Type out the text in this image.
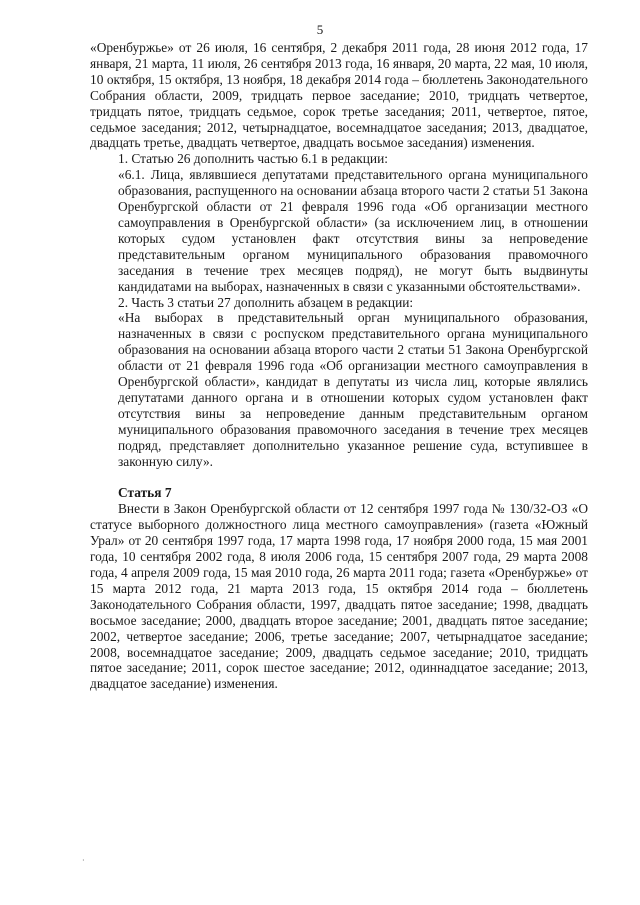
5

«Оренбуржье» от 26 июля, 16 сентября, 2 декабря 2011 года, 28 июня 2012 года, 17 января, 21 марта, 11 июля, 26 сентября 2013 года, 16 января, 20 марта, 22 мая, 10 июля, 10 октября, 15 октября, 13 ноября, 18 декабря 2014 года – бюллетень Законодательного Собрания области, 2009, тридцать первое заседание; 2010, тридцать четвертое, тридцать пятое, тридцать седьмое, сорок третье заседания; 2011, четвертое, пятое, седьмое заседания; 2012, четырнадцатое, восемнадцатое заседания; 2013, двадцатое, двадцать третье, двадцать четвертое, двадцать восьмое заседания) изменения.

1. Статью 26 дополнить частью 6.1 в редакции:

«6.1. Лица, являвшиеся депутатами представительного органа муниципального образования, распущенного на основании абзаца второго части 2 статьи 51 Закона Оренбургской области от 21 февраля 1996 года «Об организации местного самоуправления в Оренбургской области» (за исключением лиц, в отношении которых судом установлен факт отсутствия вины за непроведение представительным органом муниципального образования правомочного заседания в течение трех месяцев подряд), не могут быть выдвинуты кандидатами на выборах, назначенных в связи с указанными обстоятельствами».

2. Часть 3 статьи 27 дополнить абзацем в редакции:

«На выборах в представительный орган муниципального образования, назначенных в связи с роспуском представительного органа муниципального образования на основании абзаца второго части 2 статьи 51 Закона Оренбургской области от 21 февраля 1996 года «Об организации местного самоуправления в Оренбургской области», кандидат в депутаты из числа лиц, которые являлись депутатами данного органа и в отношении которых судом установлен факт отсутствия вины за непроведение данным представительным органом муниципального образования правомочного заседания в течение трех месяцев подряд, представляет дополнительно указанное решение суда, вступившее в законную силу».

Статья 7

Внести в Закон Оренбургской области от 12 сентября 1997 года № 130/32-ОЗ «О статусе выборного должностного лица местного самоуправления» (газета «Южный Урал» от 20 сентября 1997 года, 17 марта 1998 года, 17 ноября 2000 года, 15 мая 2001 года, 10 сентября 2002 года, 8 июля 2006 года, 15 сентября 2007 года, 29 марта 2008 года, 4 апреля 2009 года, 15 мая 2010 года, 26 марта 2011 года; газета «Оренбуржье» от 15 марта 2012 года, 21 марта 2013 года, 15 октября 2014 года – бюллетень Законодательного Собрания области, 1997, двадцать пятое заседание; 1998, двадцать восьмое заседание; 2000, двадцать второе заседание; 2001, двадцать пятое заседание; 2002, четвертое заседание; 2006, третье заседание; 2007, четырнадцатое заседание; 2008, восемнадцатое заседание; 2009, двадцать седьмое заседание; 2010, тридцать пятое заседание; 2011, сорок шестое заседание; 2012, одиннадцатое заседание; 2013, двадцатое заседание) изменения.

·
